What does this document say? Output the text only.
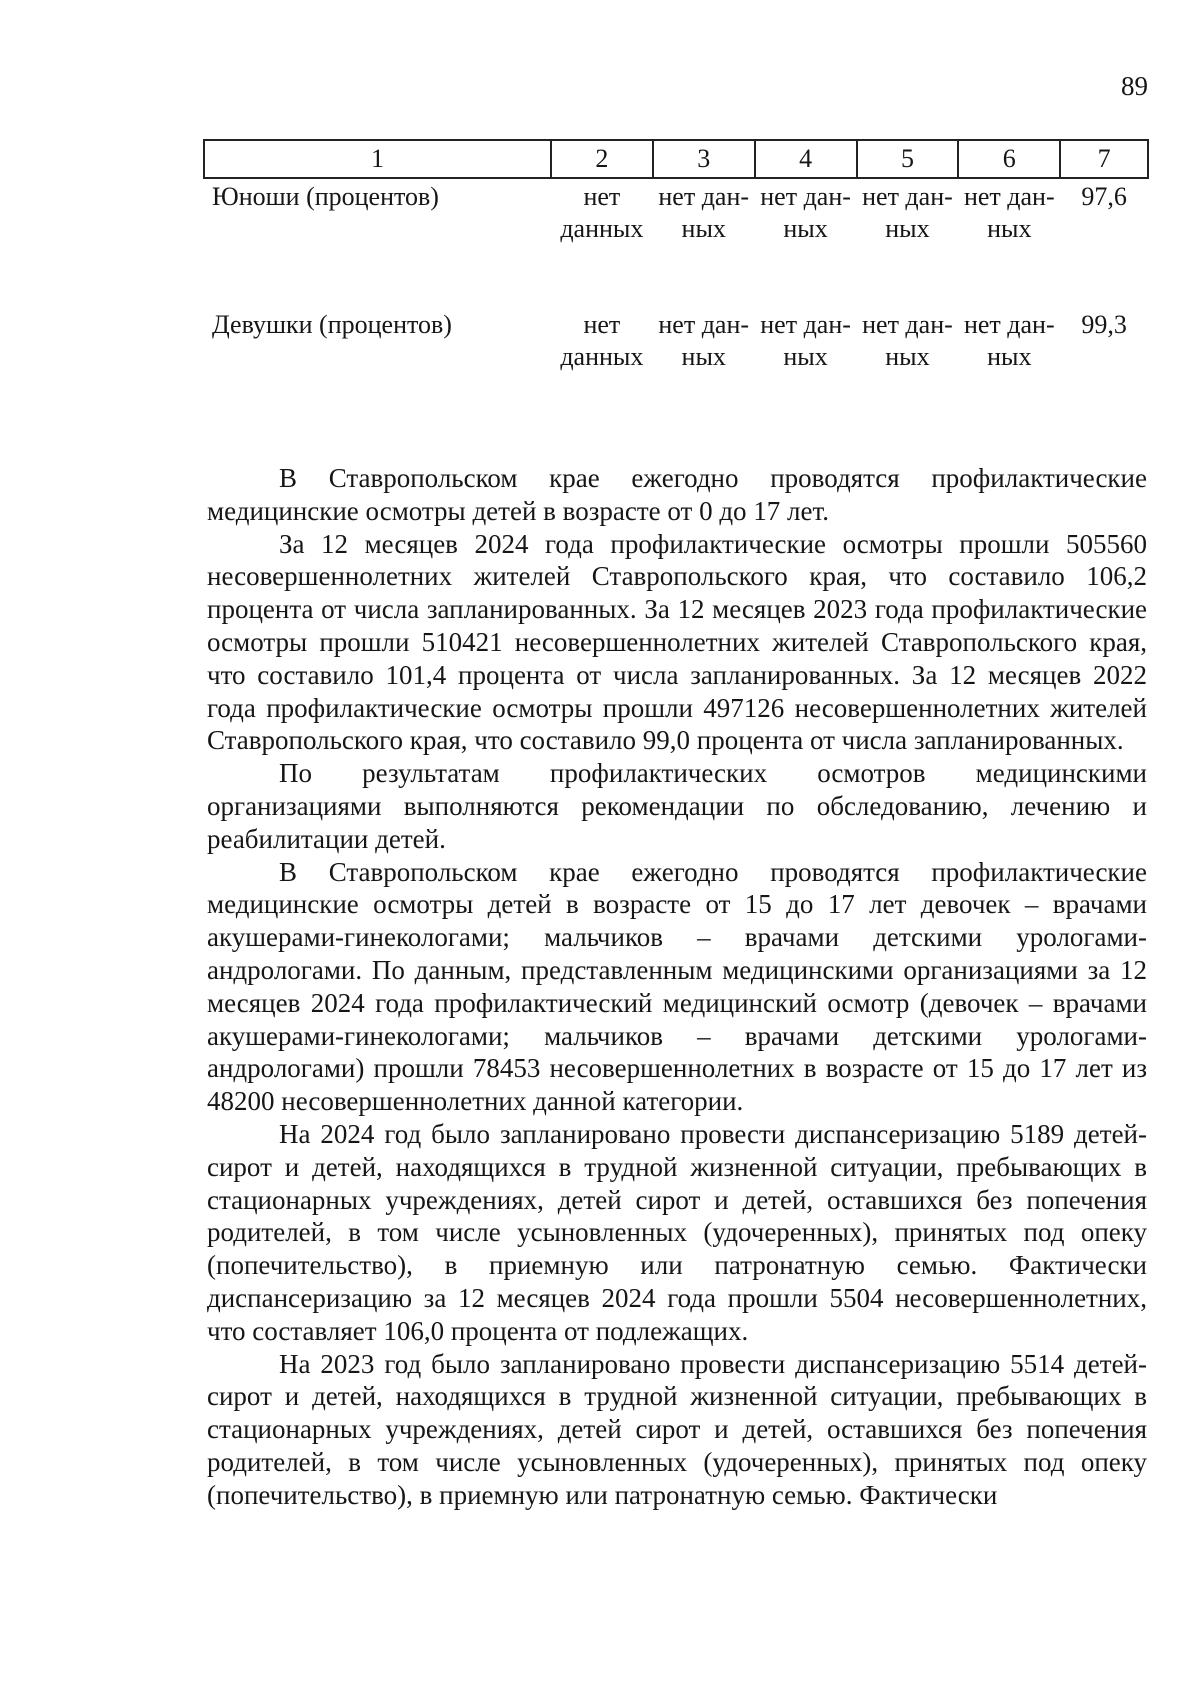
89
1	2	3	4	5	6	7
Юноши (процентов)	нет данных	нет дан-ных	нет дан-ных	нет дан-ных	нет дан-ных	97,6
Девушки (процентов)	нет данных	нет дан-ных	нет дан-ных	нет дан-ных	нет дан-ных	99,3

В Ставропольском крае ежегодно проводятся профилактические медицинские осмотры детей в возрасте от 0 до 17 лет.

За 12 месяцев 2024 года профилактические осмотры прошли 505560 несовершеннолетних жителей Ставропольского края, что составило 106,2 процента от числа запланированных. За 12 месяцев 2023 года профилактические осмотры прошли 510421 несовершеннолетних жителей Ставропольского края, что составило 101,4 процента от числа запланированных. За 12 месяцев 2022 года профилактические осмотры прошли 497126 несовершеннолетних жителей Ставропольского края, что составило 99,0 процента от числа запланированных.

По результатам профилактических осмотров медицинскими организациями выполняются рекомендации по обследованию, лечению и реабилитации детей.

В Ставропольском крае ежегодно проводятся профилактические медицинские осмотры детей в возрасте от 15 до 17 лет девочек – врачами акушерами-гинекологами; мальчиков – врачами детскими урологами-андрологами. По данным, представленным медицинскими организациями за 12 месяцев 2024 года профилактический медицинский осмотр (девочек – врачами акушерами-гинекологами; мальчиков – врачами детскими урологами-андрологами) прошли 78453 несовершеннолетних в возрасте от 15 до 17 лет из 48200 несовершеннолетних данной категории.

На 2024 год было запланировано провести диспансеризацию 5189 детей-сирот и детей, находящихся в трудной жизненной ситуации, пребывающих в стационарных учреждениях, детей сирот и детей, оставшихся без попечения родителей, в том числе усыновленных (удочеренных), принятых под опеку (попечительство), в приемную или патронатную семью. Фактически диспансеризацию за 12 месяцев 2024 года прошли 5504 несовершеннолетних, что составляет 106,0 процента от подлежащих.

На 2023 год было запланировано провести диспансеризацию 5514 детей-сирот и детей, находящихся в трудной жизненной ситуации, пребывающих в стационарных учреждениях, детей сирот и детей, оставшихся без попечения родителей, в том числе усыновленных (удочеренных), принятых под опеку (попечительство), в приемную или патронатную семью. Фактически
